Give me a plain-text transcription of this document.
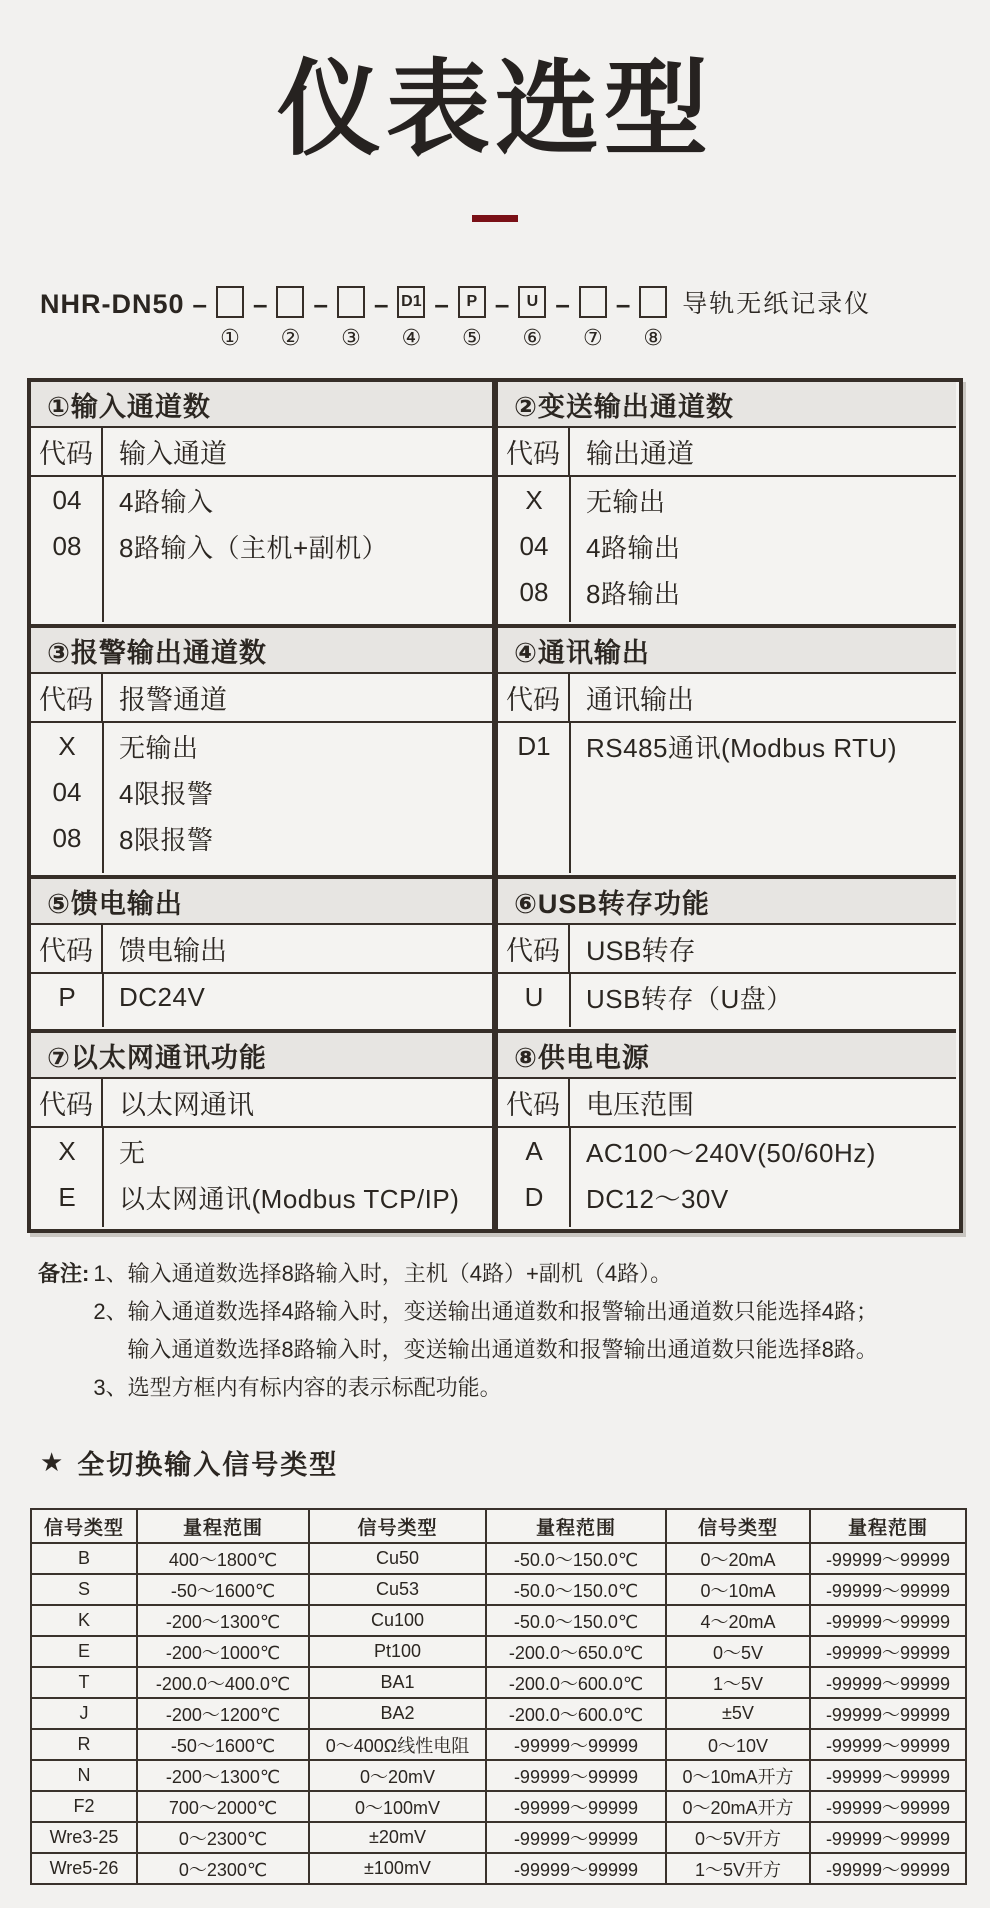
仪表选型
NHR-DN50 –
①
–
②
–
③
– D1
④
–	P
⑤
–	U
⑥
–
⑦
–
⑧
导轨无纸记录仪
①输入通道数
代码 输入通道
04	4路输入
08	8路输入（主机+副机）
③报警输出通道数
代码 报警通道
X	无输出
04	4限报警
08	8限报警
⑤馈电输出
代码 馈电输出
P	DC24V
⑦以太网通讯功能
代码 以太网通讯
X	无
E	以太网通讯(Modbus TCP/IP)
②变送输出通道数
代码 输出通道
X	无输出
04	4路输出
08	8路输出
④通讯输出
代码 通讯输出
D1	RS485通讯(Modbus RTU)
⑥USB转存功能
代码 USB转存
U	USB转存（U盘）
⑧供电电源
代码 电压范围
A	AC100～240V(50/60Hz)
D	DC12～30V
备注: 1、输入通道数选择8路输入时，主机（4路）+副机（4路）。
2、输入通道数选择4路输入时，变送输出通道数和报警输出通道数只能选择4路；
输入通道数选择8路输入时，变送输出通道数和报警输出通道数只能选择8路。
3、选型方框内有标内容的表示标配功能。
★ 全切换输入信号类型
信号类型	量程范围	信号类型	量程范围	信号类型	量程范围
B	400～1800℃	Cu50	-50.0～150.0℃	0～20mA	-99999～99999
S	-50～1600℃	Cu53	-50.0～150.0℃	0～10mA	-99999～99999
K	-200～1300℃	Cu100	-50.0～150.0℃	4～20mA	-99999～99999
E	-200～1000℃	Pt100	-200.0～650.0℃	0～5V	-99999～99999
T	-200.0～400.0℃	BA1	-200.0～600.0℃	1～5V	-99999～99999
J	-200～1200℃	BA2	-200.0～600.0℃	±5V	-99999～99999
R	-50～1600℃	0～400Ω线性电阻	-99999～99999	0～10V	-99999～99999
N	-200～1300℃	0～20mV	-99999～99999	0～10mA开方	-99999～99999
F2	700～2000℃	0～100mV	-99999～99999	0～20mA开方	-99999～99999
Wre3-25	0～2300℃	±20mV	-99999～99999	0～5V开方	-99999～99999
Wre5-26	0～2300℃	±100mV	-99999～99999	1～5V开方	-99999～99999
